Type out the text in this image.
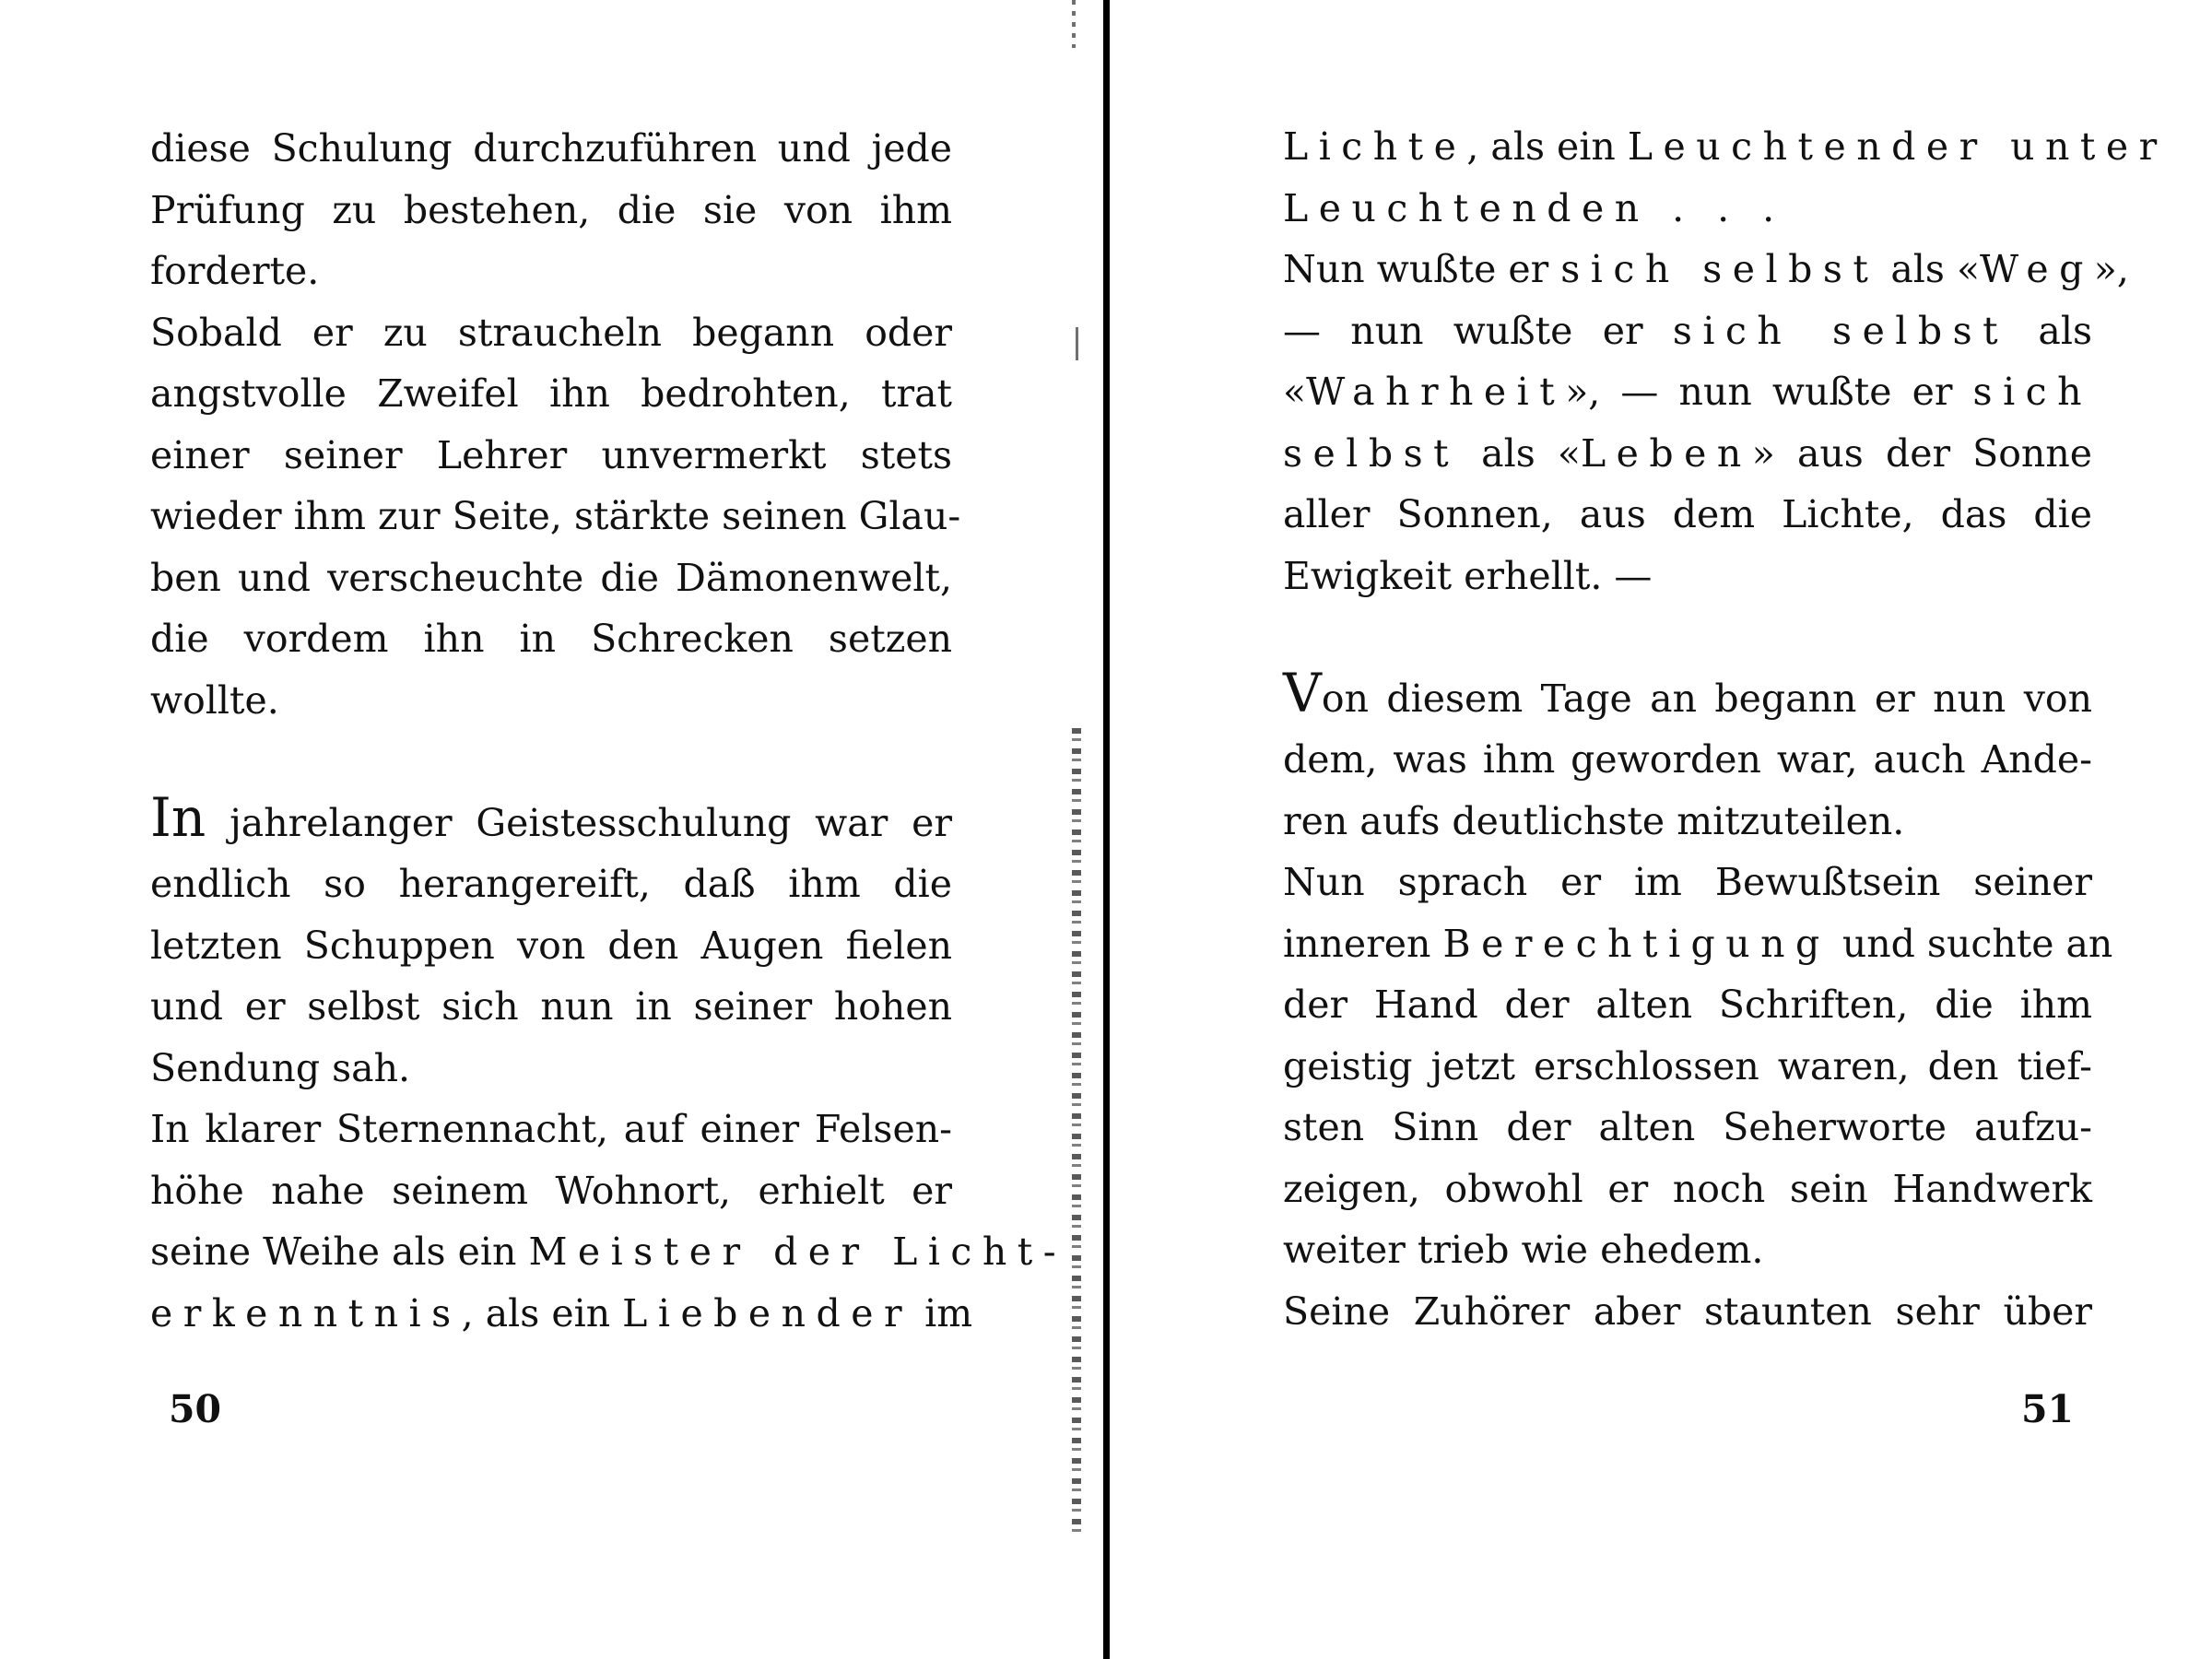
diese Schulung durchzuführen und jede
Prüfung zu bestehen, die sie von ihm
forderte.
Sobald er zu straucheln begann oder
angstvolle Zweifel ihn bedrohten, trat
einer seiner Lehrer unvermerkt stets
wieder ihm zur Seite, stärkte seinen Glau-
ben und verscheuchte die Dämonenwelt,
die vordem ihn in Schrecken setzen
wollte.
In jahrelanger Geistesschulung war er
endlich so herangereift, daß ihm die
letzten Schuppen von den Augen fielen
und er selbst sich nun in seiner hohen
Sendung sah.
In klarer Sternennacht, auf einer Felsen-
höhe nahe seinem Wohnort, erhielt er
seine Weihe als ein Meister der Licht-
erkenntnis, als ein Liebender im
50
Lichte, als ein Leuchtender unter
Leuchtenden . . .
Nun wußte er sich selbst als «Weg»,
— nun wußte er sich selbst als
«Wahrheit», — nun wußte er sich
selbst als «Leben» aus der Sonne
aller Sonnen, aus dem Lichte, das die
Ewigkeit erhellt. —
Von diesem Tage an begann er nun von
dem, was ihm geworden war, auch Ande-
ren aufs deutlichste mitzuteilen.
Nun sprach er im Bewußtsein seiner
inneren Berechtigung und suchte an
der Hand der alten Schriften, die ihm
geistig jetzt erschlossen waren, den tief-
sten Sinn der alten Seherworte aufzu-
zeigen, obwohl er noch sein Handwerk
weiter trieb wie ehedem.
Seine Zuhörer aber staunten sehr über
51
